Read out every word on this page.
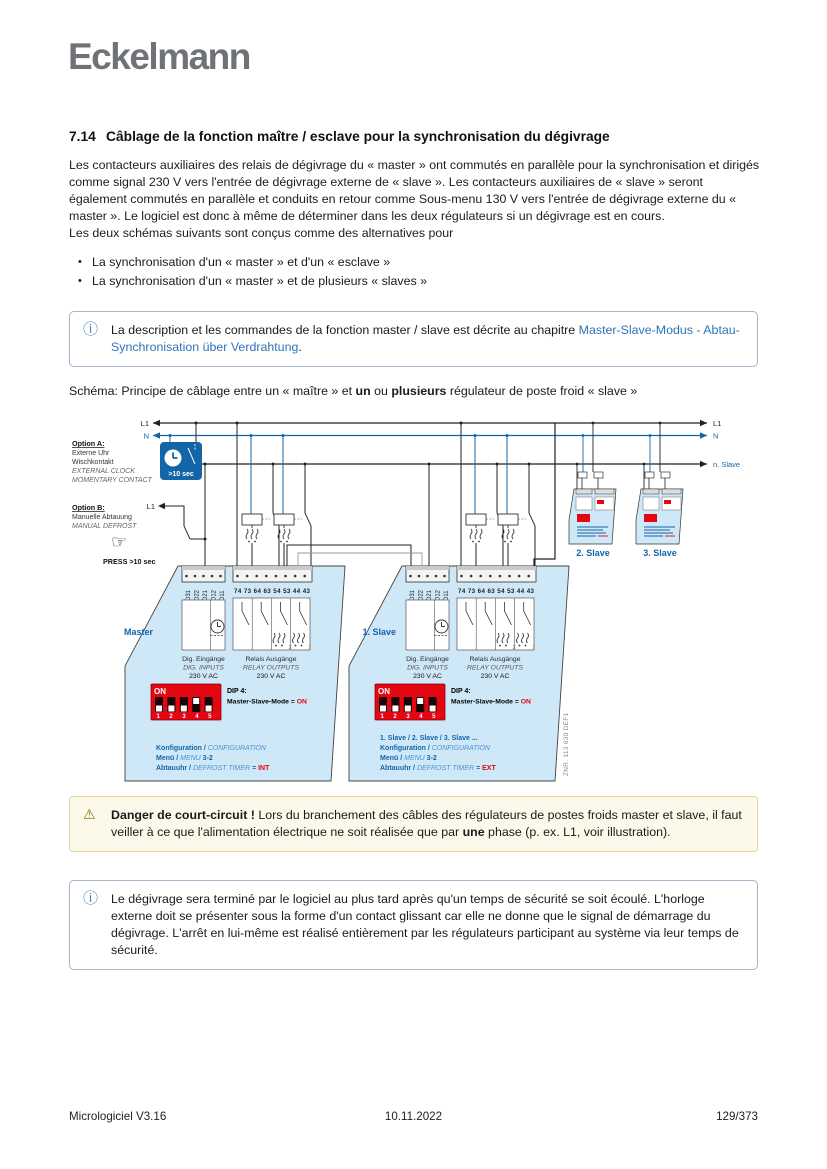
Eckelmann
7.14 Câblage de la fonction maître / esclave pour la synchronisation du dégivrage
Les contacteurs auxiliaires des relais de dégivrage du « master » ont commutés en parallèle pour la synchronisation et dirigés comme signal 230 V vers l'entrée de dégivrage externe de « slave ». Les contacteurs auxiliaires de « slave » seront également commutés en parallèle et conduits en retour comme Sous-menu 130 V vers l'entrée de dégivrage externe du « master ». Le logiciel est donc à même de déterminer dans les deux régulateurs si un dégivrage est en cours.
Les deux schémas suivants sont conçus comme des alternatives pour
• La synchronisation d'un « master » et d'un « esclave »
• La synchronisation d'un « master » et de plusieurs « slaves »
ⓘ La description et les commandes de la fonction master / slave est décrite au chapitre Master-Slave-Modus - Abtau-Synchronisation über Verdrahtung.
Schéma: Principe de câblage entre un « maître » et un ou plusieurs régulateur de poste froid « slave »
L1	L1
N	N
n. Slave
Option A:
Externe Uhr
Wischkontakt
EXTERNAL CLOCK
MOMENTARY CONTACT
>10 sec
Option B:
Manuelle Abtauung
MANUAL DEFROST
L1
☞
PRESS >10 sec
Master
Abtauuhr / DEFROST TIMER = INT
1. Slave
1. Slave / 2. Slave / 3. Slave ...
Abtauuhr / DEFROST TIMER = EXT
2. Slave	3. Slave
ZNR. 113 630 DEF1
⚠ Danger de court-circuit ! Lors du branchement des câbles des régulateurs de postes froids master et slave, il faut veiller à ce que l'alimentation électrique ne soit réalisée que par une phase (p. ex. L1, voir illustration).
ⓘ Le dégivrage sera terminé par le logiciel au plus tard après qu'un temps de sécurité se soit écoulé. L'horloge externe doit se présenter sous la forme d'un contact glissant car elle ne donne que le signal de démarrage du dégivrage. L'arrêt en lui-même est réalisé entièrement par les régulateurs participant au système via leur temps de sécurité.
Micrologiciel V3.16	10.11.2022	129/373
